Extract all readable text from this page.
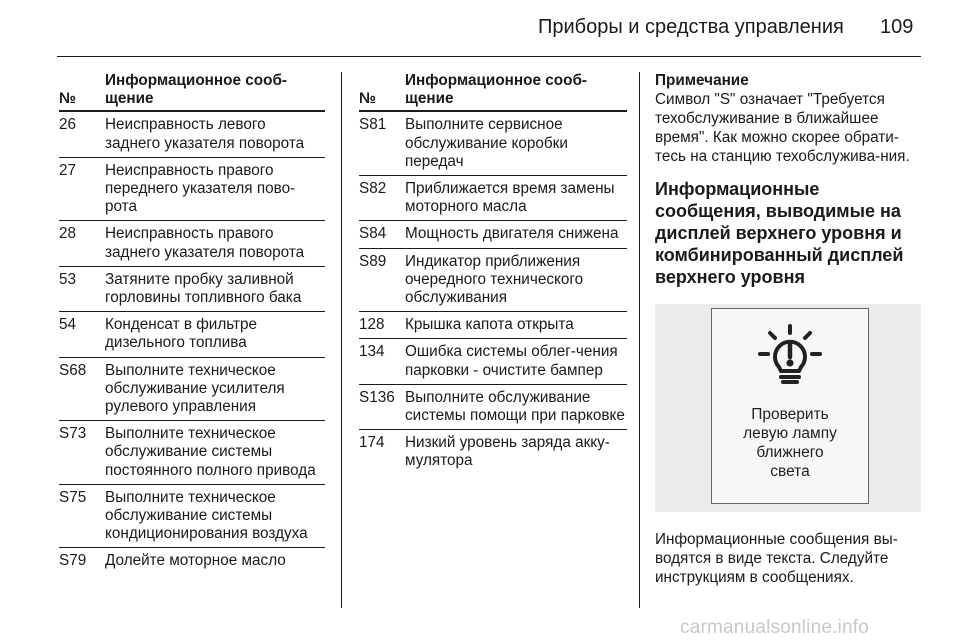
Приборы и средства управления 109
№	Информационное сооб-
щение
26	Неисправность левого заднего указателя поворота
27	Неисправность правого переднего указателя пово-рота
28	Неисправность правого заднего указателя поворота
53	Затяните пробку заливной горловины топливного бака
54	Конденсат в фильтре дизельного топлива
S68	Выполните техническое обслуживание усилителя рулевого управления
S73	Выполните техническое обслуживание системы постоянного полного привода
S75	Выполните техническое обслуживание системы кондиционирования воздуха
S79	Долейте моторное масло
№	Информационное сооб-
щение
S81	Выполните сервисное обслуживание коробки передач
S82	Приближается время замены моторного масла
S84	Мощность двигателя снижена
S89	Индикатор приближения очередного технического обслуживания
128	Крышка капота открыта
134	Ошибка системы облег-чения парковки - очистите бампер
S136	Выполните обслуживание системы помощи при парковке
174	Низкий уровень заряда акку-мулятора
Примечание
Символ "S" означает "Требуется техобслуживание в ближайшее время". Как можно скорее обрати-тесь на станцию техобслужива-ния.
Информационные сообщения, выводимые на дисплей верхнего уровня и комбинированный дисплей верхнего уровня
Проверить
левую лампу
ближнего
света
Информационные сообщения вы-водятся в виде текста. Следуйте инструкциям в сообщениях.
carmanualsonline.info
